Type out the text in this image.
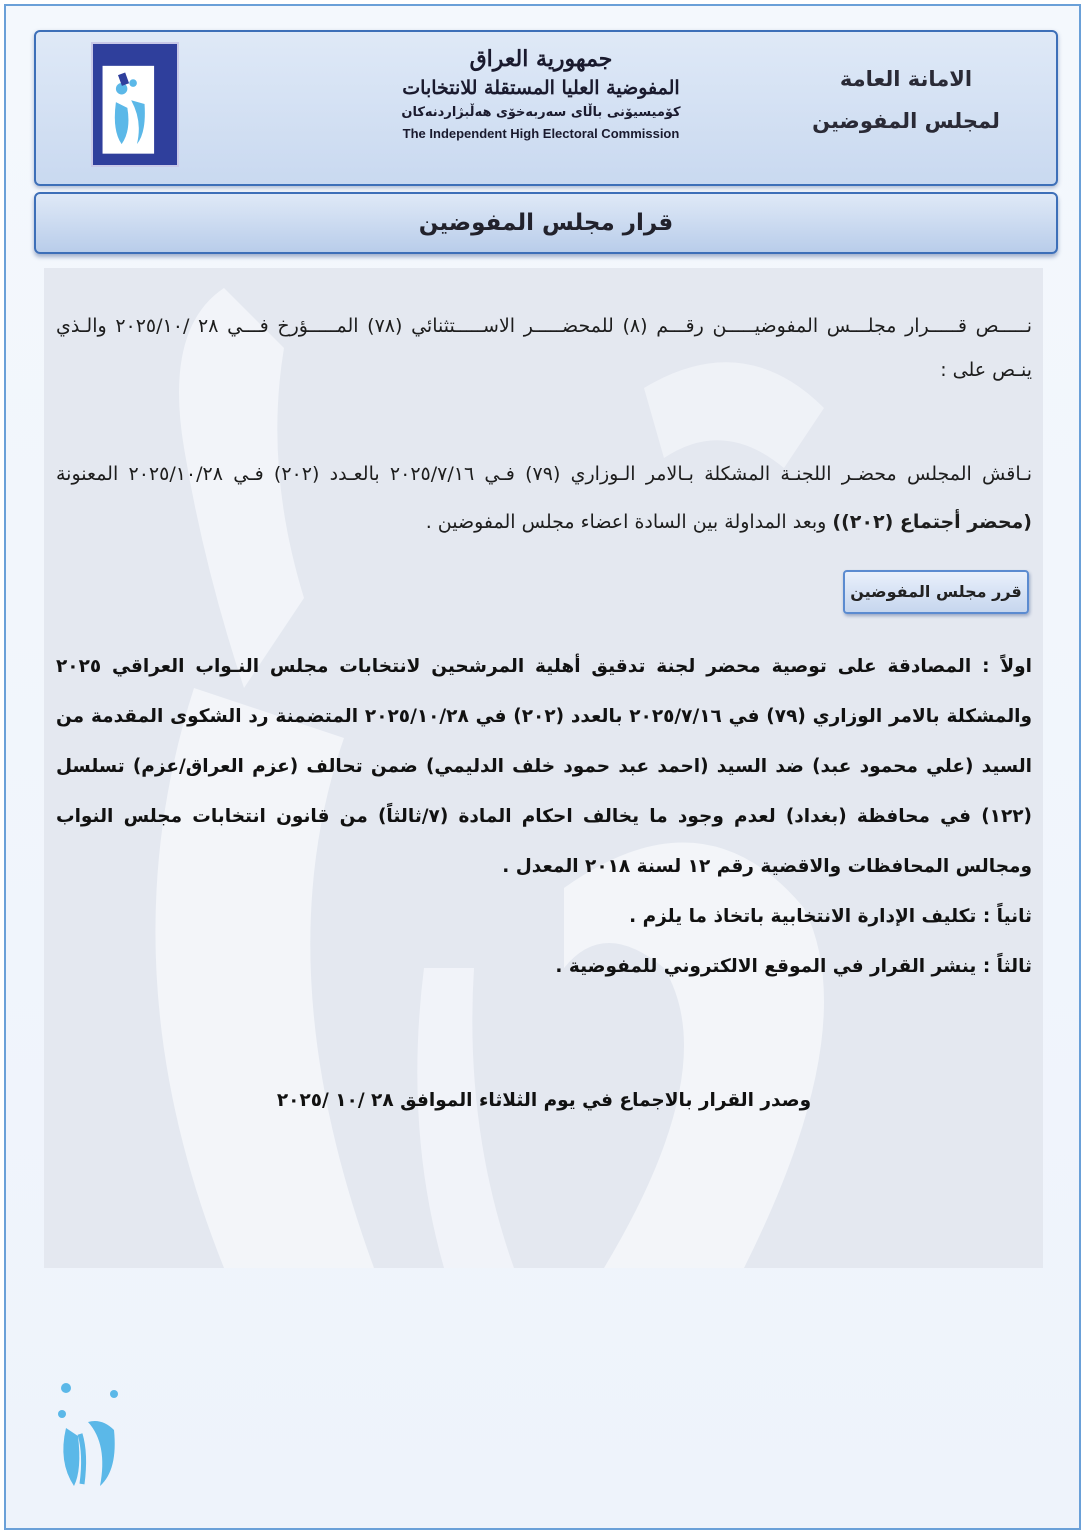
جمهورية العراق
المفوضية العليا المستقلة للانتخابات
كۆمیسیۆنی باڵای سەربەخۆی هەڵبژاردنەکان
The Independent High Electoral Commission
الامانة العامة
لمجلس المفوضين
قرار مجلس المفوضين
نـــــص قـــــرار مجلـــس المفوضيـــــن رقـــم (٨) للمحضـــــر الاســـــتثنائي (٧٨) المـــــؤرخ فـــي ٢٨ /٢٠٢٥/١٠ والـذي ينـص على :
نـاقش المجلس محضـر اللجنـة المشكلة بـالامر الـوزاري (٧٩) فـي ٢٠٢٥/٧/١٦ بالعـدد (٢٠٢) فـي ٢٠٢٥/١٠/٢٨ المعنونة (محضر أجتماع (٢٠٢)) وبعد المداولة بين السادة اعضاء مجلس المفوضين .
قرر مجلس المفوضين
اولاً : المصادقة على توصية محضر لجنة تدقيق أهلية المرشحين لانتخابات مجلس النـواب العراقي ٢٠٢٥ والمشكلة بالامر الوزاري (٧٩) في ٢٠٢٥/٧/١٦ بالعدد (٢٠٢) في ٢٠٢٥/١٠/٢٨ المتضمنة رد الشكوى المقدمة من السيد (علي محمود عبد) ضد السيد (احمد عبد حمود خلف الدليمي) ضمن تحالف (عزم العراق/عزم) تسلسل (١٢٢) في محافظة (بغداد) لعدم وجود ما يخالف احكام المادة (٧/ثالثاً) من قانون انتخابات مجلس النواب ومجالس المحافظات والاقضية رقم ١٢ لسنة ٢٠١٨ المعدل .
ثانياً : تكليف الإدارة الانتخابية باتخاذ ما يلزم .
ثالثاً : ينشر القرار في الموقع الالكتروني للمفوضية .
وصدر القرار بالاجماع في يوم الثلاثاء الموافق ٢٨ /١٠ /٢٠٢٥
